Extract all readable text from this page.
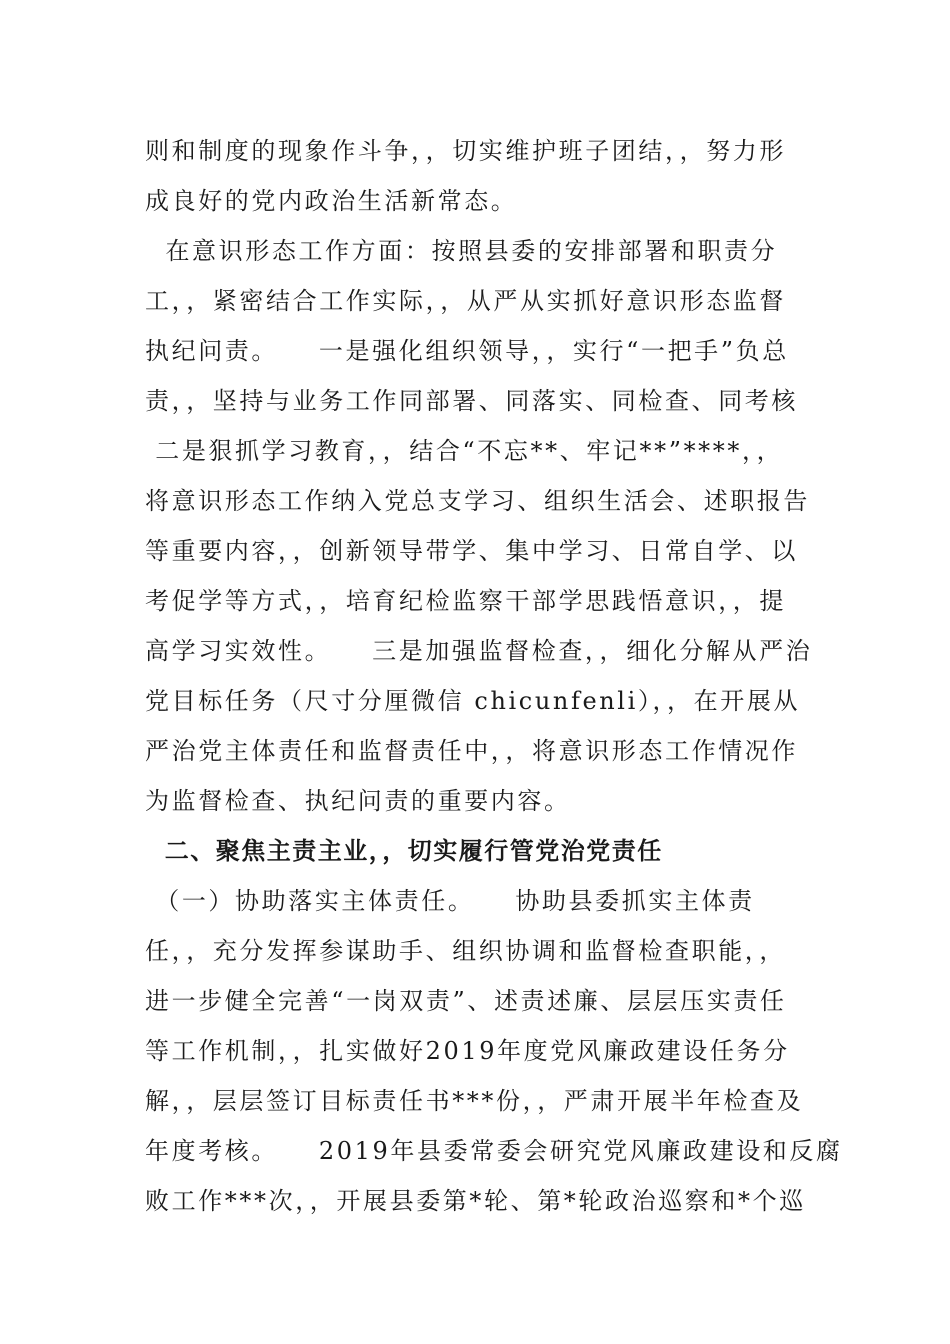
则和制度的现象作斗争，，切实维护班子团结，，努力形
成良好的党内政治生活新常态。
在意识形态工作方面：按照县委的安排部署和职责分
工，，紧密结合工作实际，，从严从实抓好意识形态监督
执纪问责。    一是强化组织领导，，实行“一把手”负总
责，，坚持与业务工作同部署、同落实、同检查、同考核
二是狠抓学习教育，，结合“不忘**、牢记**”****，，
将意识形态工作纳入党总支学习、组织生活会、述职报告
等重要内容，，创新领导带学、集中学习、日常自学、以
考促学等方式，，培育纪检监察干部学思践悟意识，，提
高学习实效性。    三是加强监督检查，，细化分解从严治
党目标任务（尺寸分厘微信 chicunfenli），，在开展从
严治党主体责任和监督责任中，，将意识形态工作情况作
为监督检查、执纪问责的重要内容。
二、聚焦主责主业，，切实履行管党治党责任
（一）协助落实主体责任。    协助县委抓实主体责
任，，充分发挥参谋助手、组织协调和监督检查职能，，
进一步健全完善“一岗双责”、述责述廉、层层压实责任
等工作机制，，扎实做好2019年度党风廉政建设任务分
解，，层层签订目标责任书***份，，严肃开展半年检查及
年度考核。    2019年县委常委会研究党风廉政建设和反腐
败工作***次，，开展县委第*轮、第*轮政治巡察和*个巡
